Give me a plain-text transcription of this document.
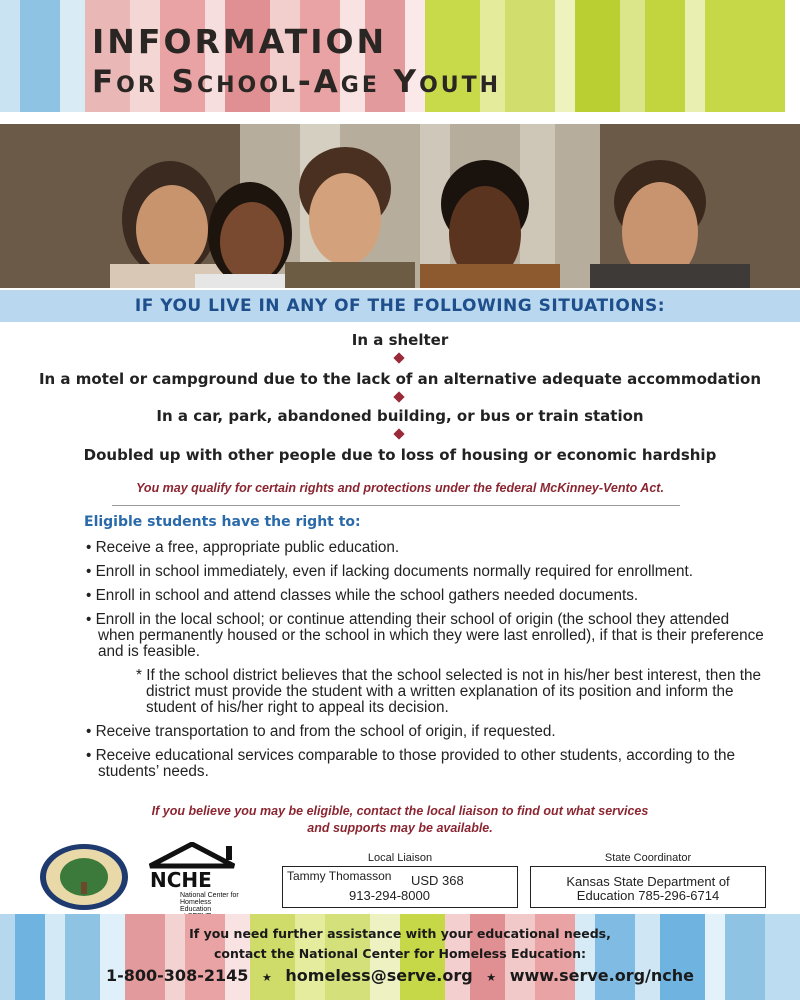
INFORMATION
For School-Age Youth
IF YOU LIVE IN ANY OF THE FOLLOWING SITUATIONS:
In a shelter
In a motel or campground due to the lack of an alternative adequate accommodation
In a car, park, abandoned building, or bus or train station
Doubled up with other people due to loss of housing or economic hardship
You may qualify for certain rights and protections under the federal McKinney-Vento Act.
Eligible students have the right to:
• Receive a free, appropriate public education.
• Enroll in school immediately, even if lacking documents normally required for enrollment.
• Enroll in school and attend classes while the school gathers needed documents.
• Enroll in the local school; or continue attending their school of origin (the school they attended when permanently housed or the school in which they were last enrolled), if that is their preference and is feasible.
* If the school district believes that the school selected is not in his/her best interest, then the district must provide the student with a written explanation of its position and inform the student of his/her right to appeal its decision.
• Receive transportation to and from the school of origin, if requested.
• Receive educational services comparable to those provided to other students, according to the students’ needs.
If you believe you may be eligible, contact the local liaison to find out what services
and supports may be available.
NCHE
National Center for
Homeless Education
Local Liaison
Tammy Thomasson USD 368
913-294-8000
State Coordinator
Kansas State Department of
Education 785-296-6714
If you need further assistance with your educational needs,
contact the National Center for Homeless Education:
1-800-308-2145 ★ homeless@serve.org ★ www.serve.org/nche
